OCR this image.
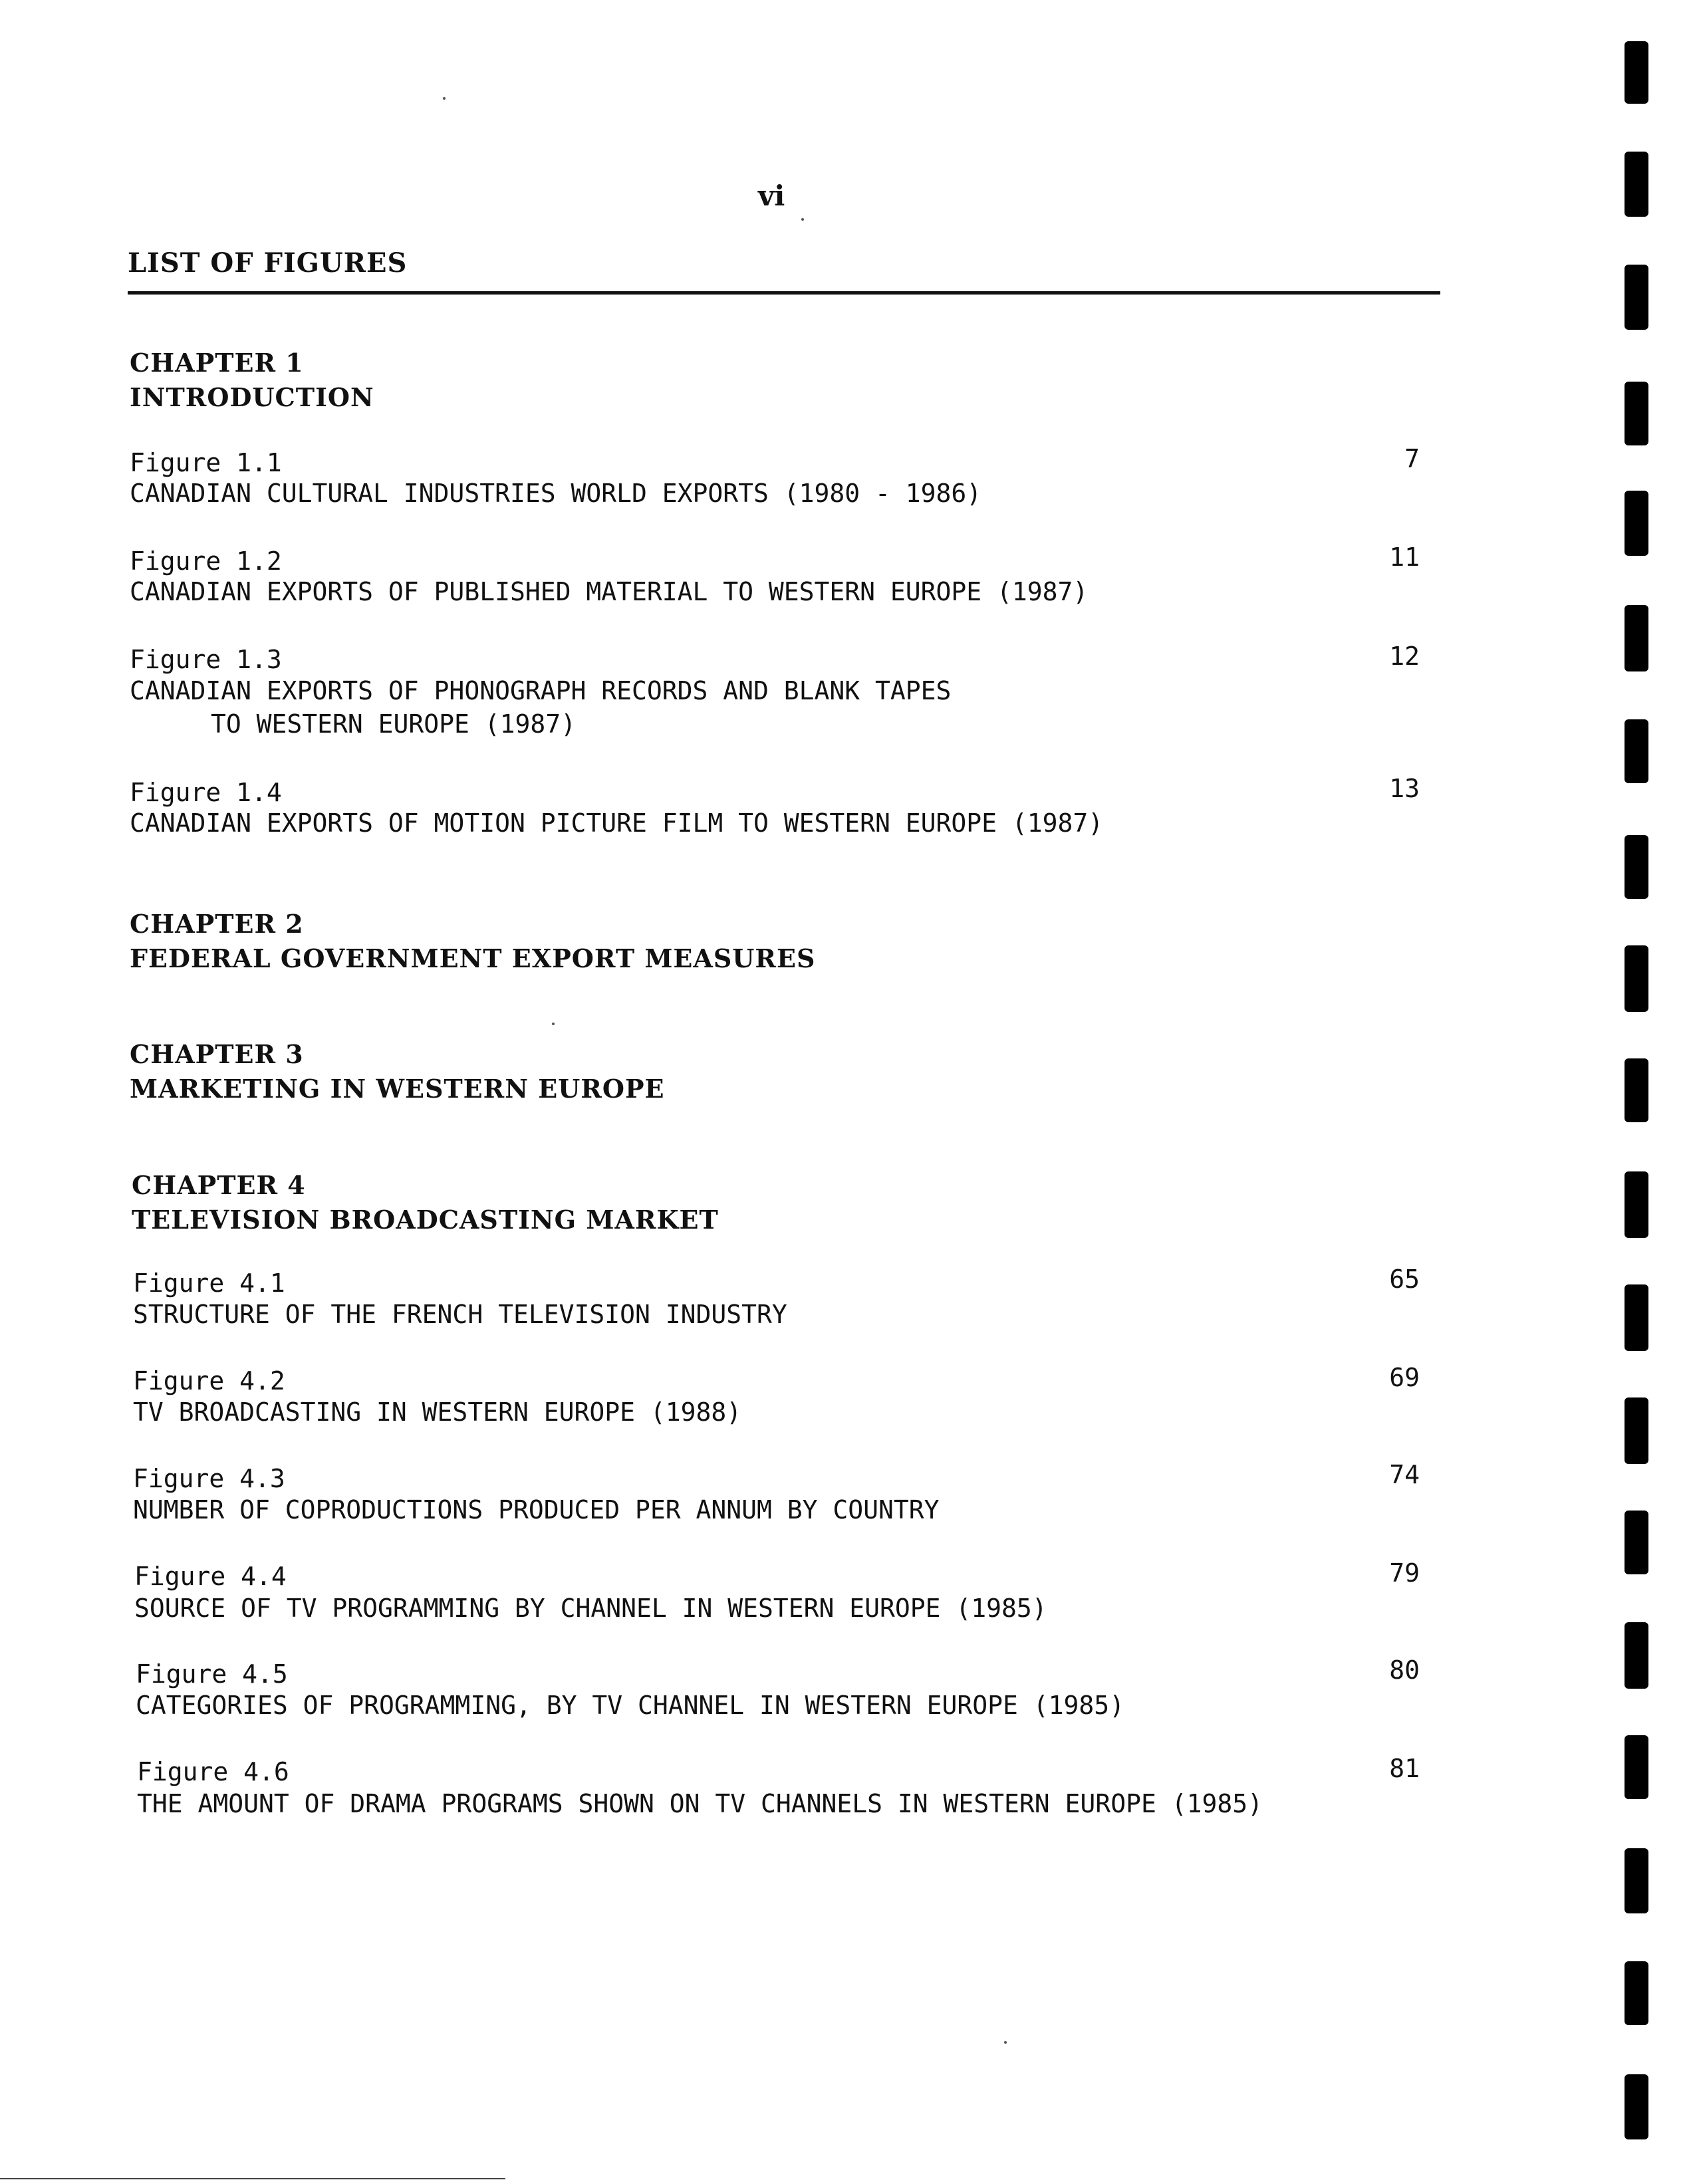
vi
LIST OF FIGURES
CHAPTER 1
INTRODUCTION
Figure 1.1	7
CANADIAN CULTURAL INDUSTRIES WORLD EXPORTS (1980 - 1986)
Figure 1.2	11
CANADIAN EXPORTS OF PUBLISHED MATERIAL TO WESTERN EUROPE (1987)
Figure 1.3	12
CANADIAN EXPORTS OF PHONOGRAPH RECORDS AND BLANK TAPES
TO WESTERN EUROPE (1987)
Figure 1.4	13
CANADIAN EXPORTS OF MOTION PICTURE FILM TO WESTERN EUROPE (1987)
CHAPTER 2
FEDERAL GOVERNMENT EXPORT MEASURES
CHAPTER 3
MARKETING IN WESTERN EUROPE
CHAPTER 4
TELEVISION BROADCASTING MARKET
Figure 4.1	65
STRUCTURE OF THE FRENCH TELEVISION INDUSTRY
Figure 4.2	69
TV BROADCASTING IN WESTERN EUROPE (1988)
Figure 4.3	74
NUMBER OF COPRODUCTIONS PRODUCED PER ANNUM BY COUNTRY
Figure 4.4	79
SOURCE OF TV PROGRAMMING BY CHANNEL IN WESTERN EUROPE (1985)
Figure 4.5	80
CATEGORIES OF PROGRAMMING, BY TV CHANNEL IN WESTERN EUROPE (1985)
Figure 4.6	81
THE AMOUNT OF DRAMA PROGRAMS SHOWN ON TV CHANNELS IN WESTERN EUROPE (1985)
